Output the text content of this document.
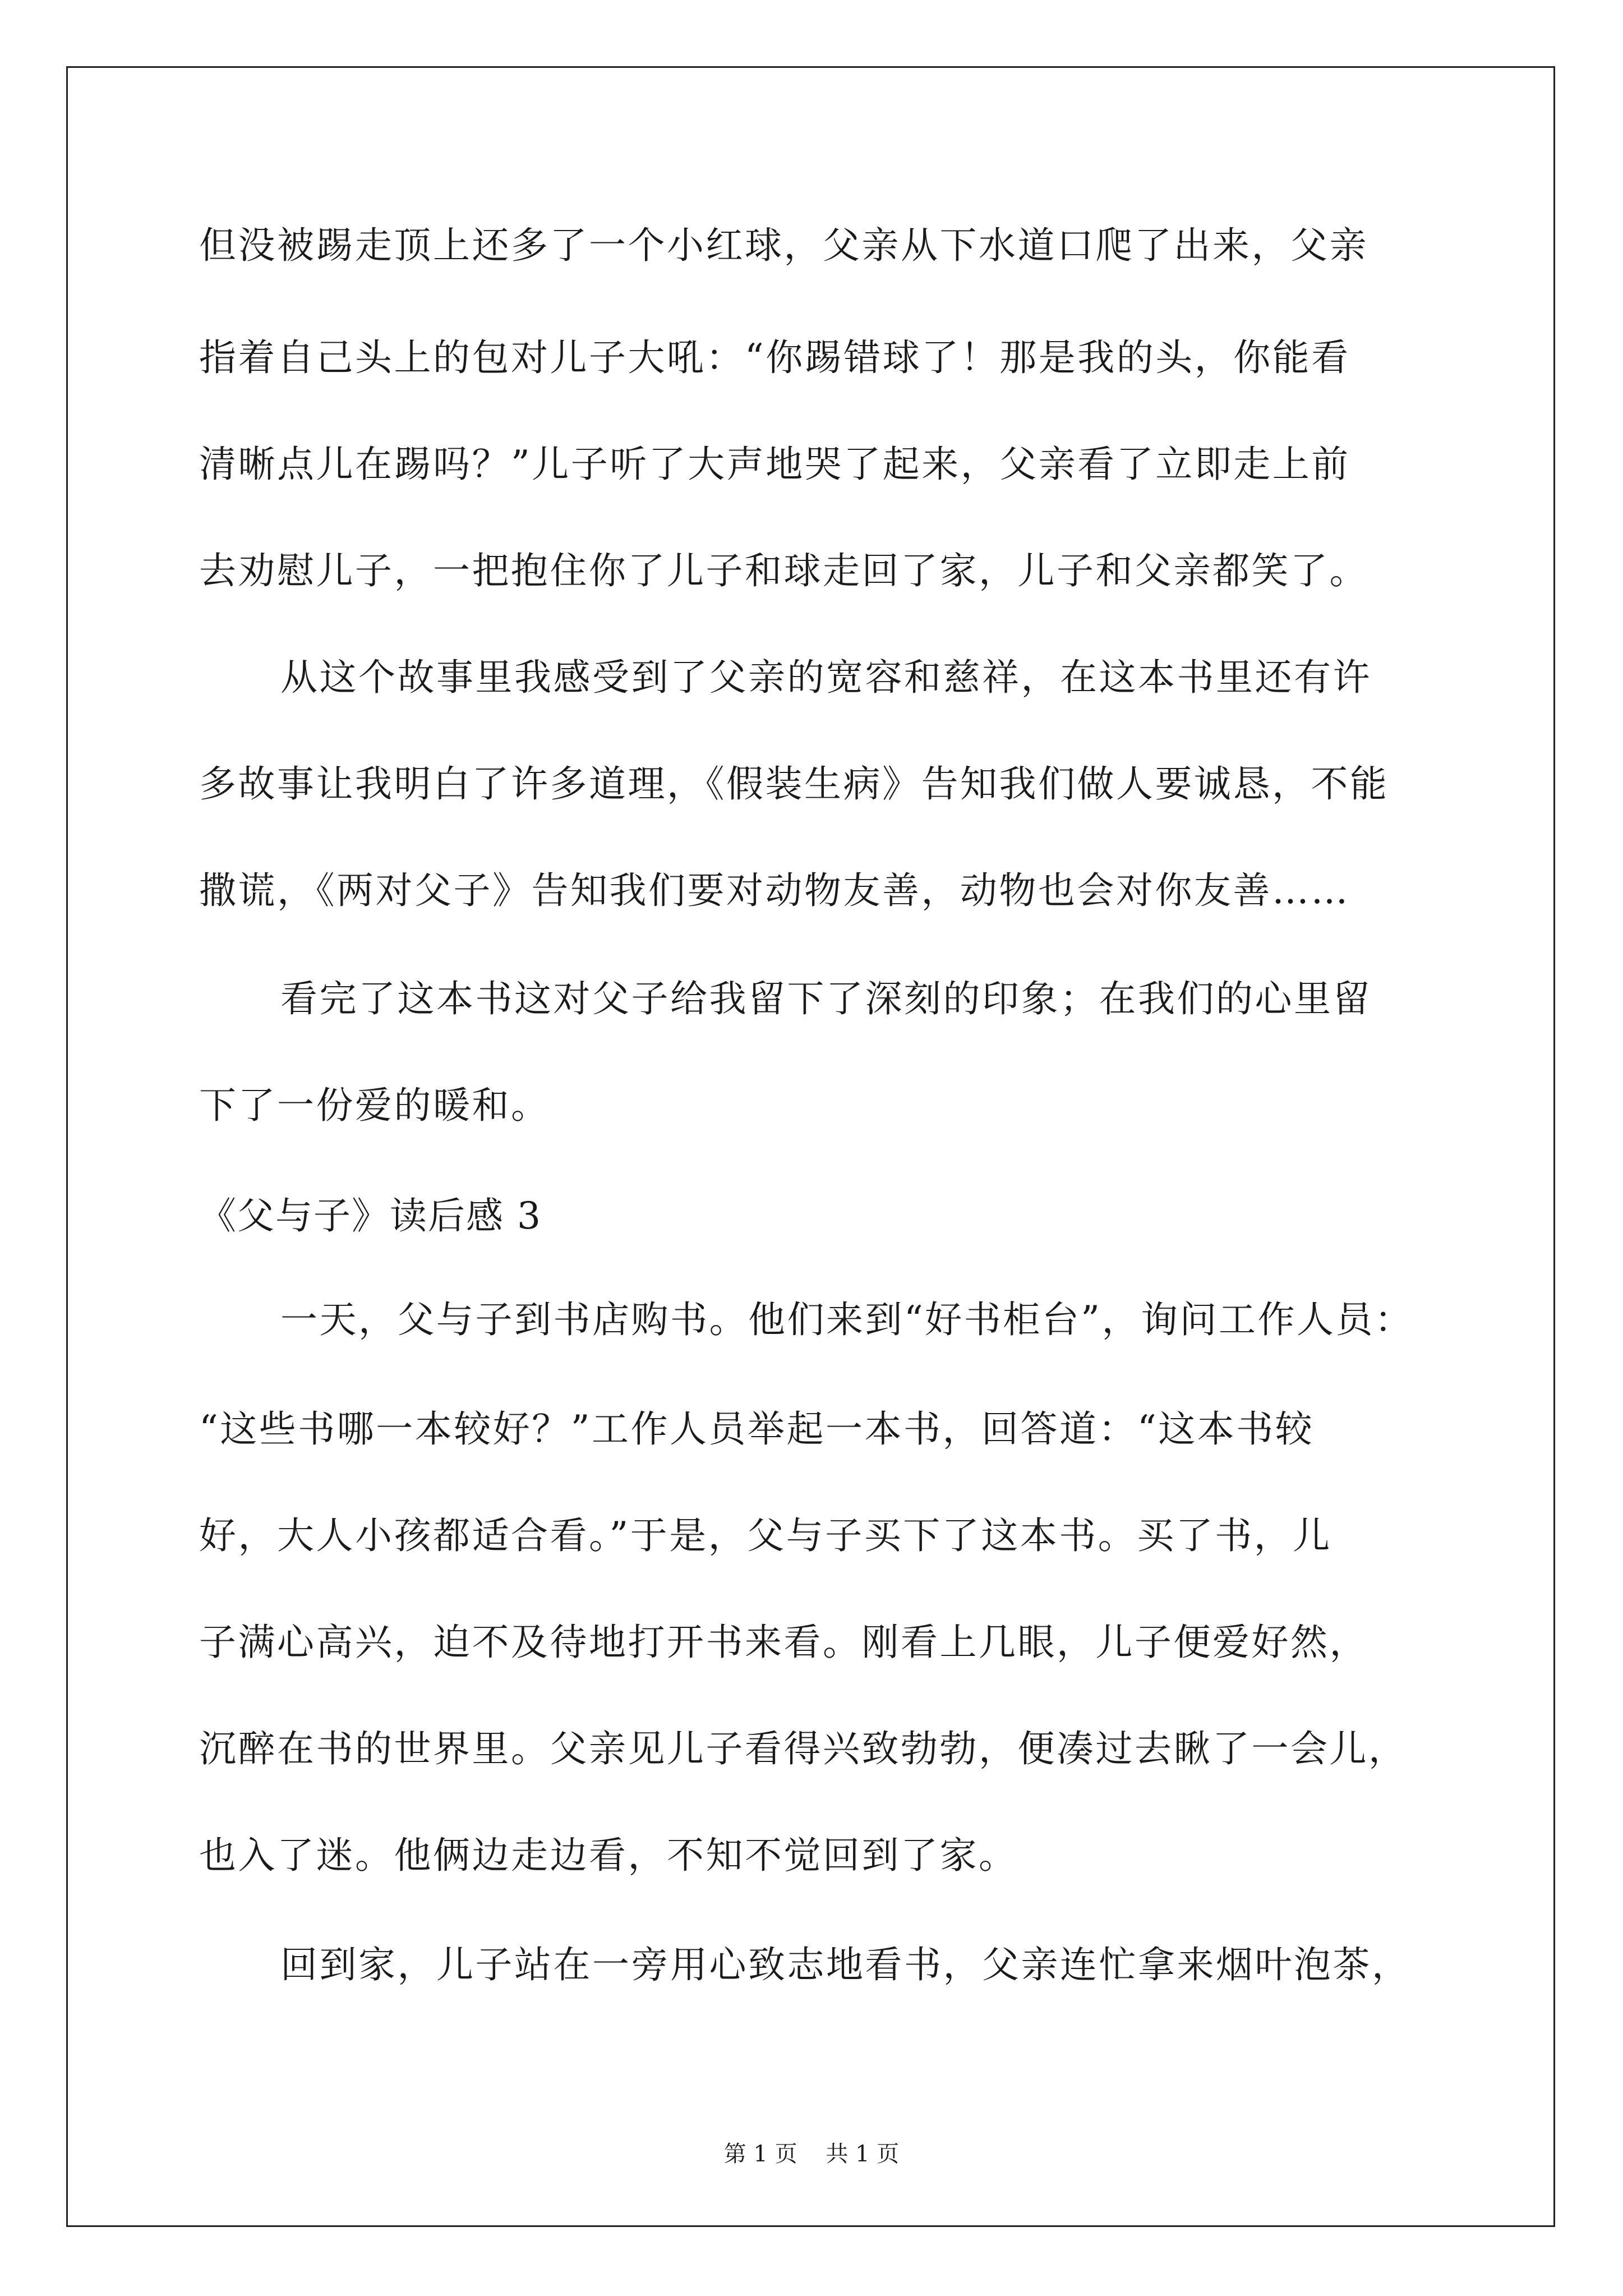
但没被踢走顶上还多了一个小红球，父亲从下水道口爬了出来，父亲
指着自己头上的包对儿子大吼：“你踢错球了！那是我的头，你能看
清晰点儿在踢吗？”儿子听了大声地哭了起来，父亲看了立即走上前
去劝慰儿子，一把抱住你了儿子和球走回了家，儿子和父亲都笑了。
从这个故事里我感受到了父亲的宽容和慈祥，在这本书里还有许
多故事让我明白了许多道理，《假装生病》告知我们做人要诚恳，不能
撒谎，《两对父子》告知我们要对动物友善，动物也会对你友善……
看完了这本书这对父子给我留下了深刻的印象；在我们的心里留
下了一份爱的暖和。
《父与子》读后感 3
一天，父与子到书店购书。他们来到“好书柜台”，询问工作人员：
“这些书哪一本较好？”工作人员举起一本书，回答道：“这本书较
好，大人小孩都适合看。”于是，父与子买下了这本书。买了书，儿
子满心高兴，迫不及待地打开书来看。刚看上几眼，儿子便爱好然，
沉醉在书的世界里。父亲见儿子看得兴致勃勃，便凑过去瞅了一会儿，
也入了迷。他俩边走边看，不知不觉回到了家。
回到家，儿子站在一旁用心致志地看书，父亲连忙拿来烟叶泡茶，
第 1 页    共 1 页
